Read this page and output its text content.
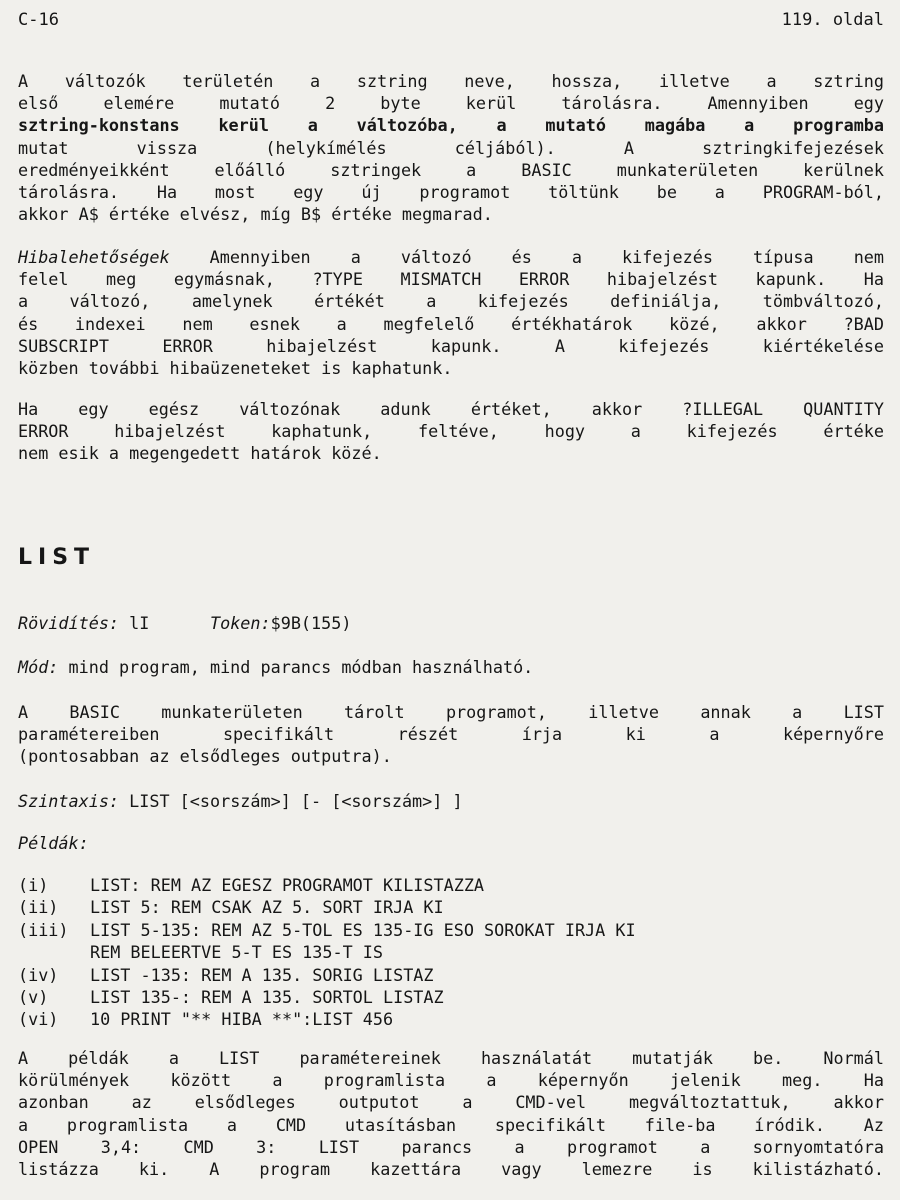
C-16	119. oldal
A változók területén a sztring neve, hossza, illetve a sztring
első elemére mutató 2 byte kerül tárolásra. Amennyiben egy
sztring-konstans kerül a változóba, a mutató magába a programba
mutat vissza (helykímélés céljából). A sztringkifejezések
eredményeikként előálló sztringek a BASIC munkaterületen kerülnek
tárolásra. Ha most egy új programot töltünk be a PROGRAM-ból,
akkor A$ értéke elvész, míg B$ értéke megmarad.
Hibalehetőségek Amennyiben a változó és a kifejezés típusa nem
felel meg egymásnak, ?TYPE MISMATCH ERROR hibajelzést kapunk. Ha
a változó, amelynek értékét a kifejezés definiálja, tömbváltozó,
és indexei nem esnek a megfelelő értékhatárok közé, akkor ?BAD
SUBSCRIPT ERROR hibajelzést kapunk. A kifejezés kiértékelése
közben további hibaüzeneteket is kaphatunk.
Ha egy egész változónak adunk értéket, akkor ?ILLEGAL QUANTITY
ERROR hibajelzést kaphatunk, feltéve, hogy a kifejezés értéke
nem esik a megengedett határok közé.
LIST
Rövidítés: lI	Token:$9B(155)
Mód: mind program, mind parancs módban használható.
A BASIC munkaterületen tárolt programot, illetve annak a LIST
paramétereiben specifikált részét írja ki a képernyőre
(pontosabban az elsődleges outputra).
Szintaxis: LIST [<sorszám>] [- [<sorszám>] ]
Példák:
(i) LIST: REM AZ EGESZ PROGRAMOT KILISTAZZA
(ii) LIST 5: REM CSAK AZ 5. SORT IRJA KI
(iii) LIST 5-135: REM AZ 5-TOL ES 135-IG ESO SOROKAT IRJA KI
REM BELEERTVE 5-T ES 135-T IS
(iv) LIST -135: REM A 135. SORIG LISTAZ
(v) LIST 135-: REM A 135. SORTOL LISTAZ
(vi) 10 PRINT "** HIBA **":LIST 456
A példák a LIST paramétereinek használatát mutatják be. Normál
körülmények között a programlista a képernyőn jelenik meg. Ha
azonban az elsődleges outputot a CMD-vel megváltoztattuk, akkor
a programlista a CMD utasításban specifikált file-ba íródik. Az
OPEN 3,4: CMD 3: LIST parancs a programot a sornyomtatóra
listázza ki. A program kazettára vagy lemezre is kilistázható.
